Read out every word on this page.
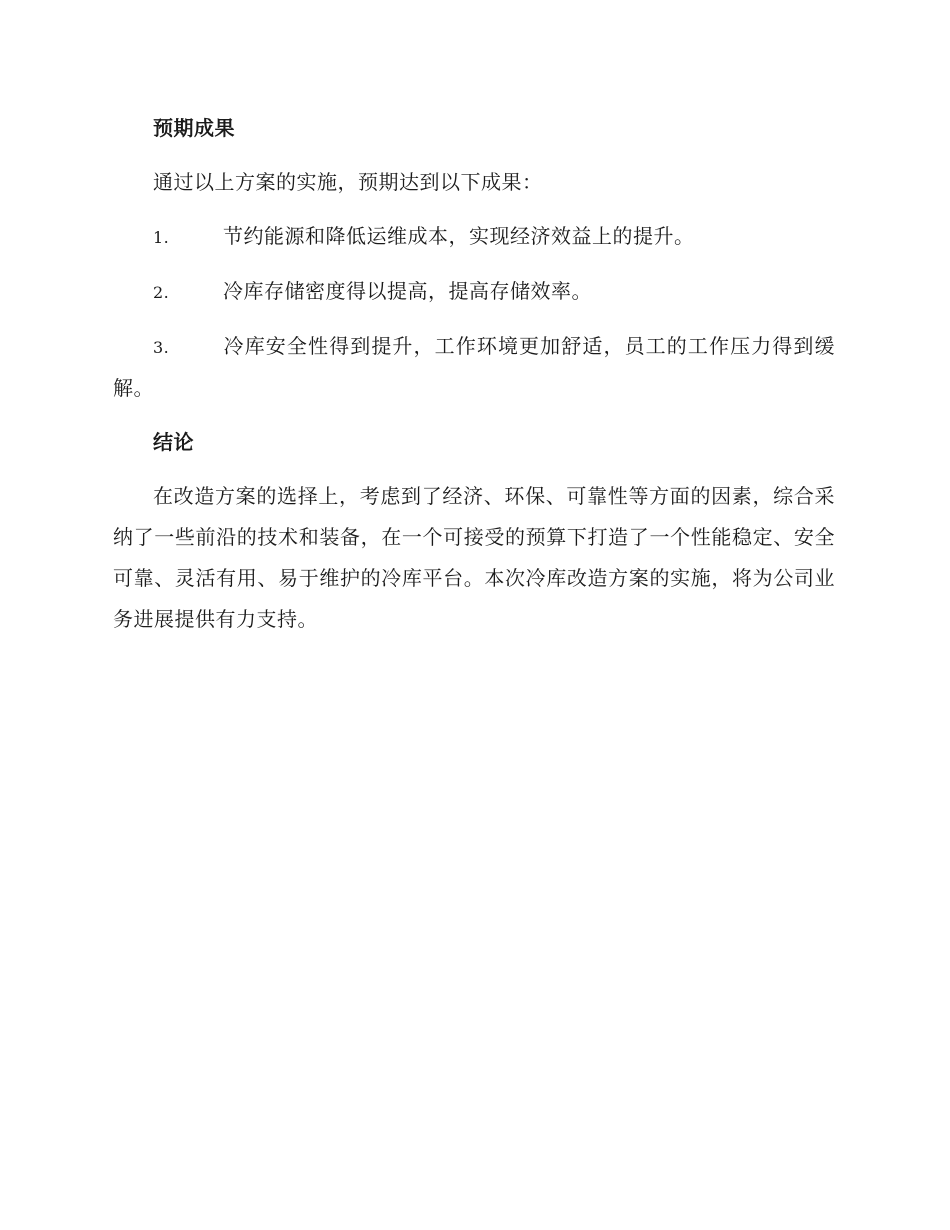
预期成果
通过以上方案的实施，预期达到以下成果：
1.	节约能源和降低运维成本，实现经济效益上的提升。
2.	冷库存储密度得以提高，提高存储效率。
3.	冷库安全性得到提升，工作环境更加舒适，员工的工作压力得到缓解。
结论
在改造方案的选择上，考虑到了经济、环保、可靠性等方面的因素，综合采纳了一些前沿的技术和装备，在一个可接受的预算下打造了一个性能稳定、安全可靠、灵活有用、易于维护的冷库平台。本次冷库改造方案的实施，将为公司业务进展提供有力支持。
